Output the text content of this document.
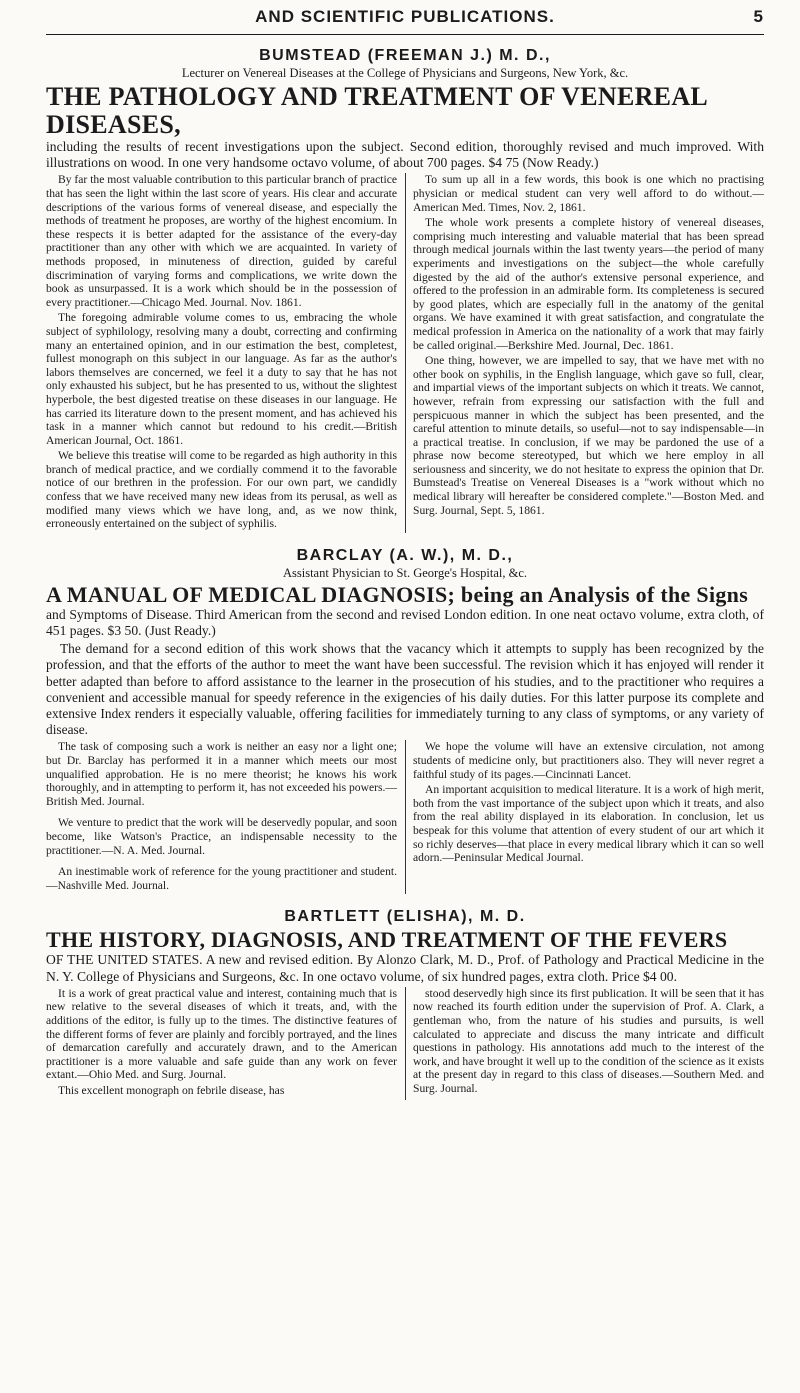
AND SCIENTIFIC PUBLICATIONS.	5
BUMSTEAD (FREEMAN J.) M. D.,
Lecturer on Venereal Diseases at the College of Physicians and Surgeons, New York, &c.
THE PATHOLOGY AND TREATMENT OF VENEREAL DISEASES,
including the results of recent investigations upon the subject. Second edition, thoroughly revised and much improved. With illustrations on wood. In one very handsome octavo volume, of about 700 pages. $4 75 (Now Ready.)

By far the most valuable contribution to this particular branch of practice that has seen the light within the last score of years. His clear and accurate descriptions of the various forms of venereal disease, and especially the methods of treatment he proposes, are worthy of the highest encomium. In these respects it is better adapted for the assistance of the every-day practitioner than any other with which we are acquainted. In variety of methods proposed, in minuteness of direction, guided by careful discrimination of varying forms and complications, we write down the book as unsurpassed. It is a work which should be in the possession of every practitioner.—Chicago Med. Journal. Nov. 1861.

The foregoing admirable volume comes to us, embracing the whole subject of syphilology, resolving many a doubt, correcting and confirming many an entertained opinion, and in our estimation the best, completest, fullest monograph on this subject in our language. As far as the author's labors themselves are concerned, we feel it a duty to say that he has not only exhausted his subject, but he has presented to us, without the slightest hyperbole, the best digested treatise on these diseases in our language. He has carried its literature down to the present moment, and has achieved his task in a manner which cannot but redound to his credit.—British American Journal, Oct. 1861.

We believe this treatise will come to be regarded as high authority in this branch of medical practice, and we cordially commend it to the favorable notice of our brethren in the profession. For our own part, we candidly confess that we have received many new ideas from its perusal, as well as modified many views which we have long, and, as we now think, erroneously entertained on the subject of syphilis.

To sum up all in a few words, this book is one which no practising physician or medical student can very well afford to do without.—American Med. Times, Nov. 2, 1861.

The whole work presents a complete history of venereal diseases, comprising much interesting and valuable material that has been spread through medical journals within the last twenty years—the period of many experiments and investigations on the subject—the whole carefully digested by the aid of the author's extensive personal experience, and offered to the profession in an admirable form. Its completeness is secured by good plates, which are especially full in the anatomy of the genital organs. We have examined it with great satisfaction, and congratulate the medical profession in America on the nationality of a work that may fairly be called original.—Berkshire Med. Journal, Dec. 1861.

One thing, however, we are impelled to say, that we have met with no other book on syphilis, in the English language, which gave so full, clear, and impartial views of the important subjects on which it treats. We cannot, however, refrain from expressing our satisfaction with the full and perspicuous manner in which the subject has been presented, and the careful attention to minute details, so useful—not to say indispensable—in a practical treatise. In conclusion, if we may be pardoned the use of a phrase now become stereotyped, but which we here employ in all seriousness and sincerity, we do not hesitate to express the opinion that Dr. Bumstead's Treatise on Venereal Diseases is a "work without which no medical library will hereafter be considered complete."—Boston Med. and Surg. Journal, Sept. 5, 1861.

BARCLAY (A. W.), M. D.,
Assistant Physician to St. George's Hospital, &c.
A MANUAL OF MEDICAL DIAGNOSIS; being an Analysis of the Signs
and Symptoms of Disease. Third American from the second and revised London edition. In one neat octavo volume, extra cloth, of 451 pages. $3 50. (Just Ready.)
The demand for a second edition of this work shows that the vacancy which it attempts to supply has been recognized by the profession, and that the efforts of the author to meet the want have been successful. The revision which it has enjoyed will render it better adapted than before to afford assistance to the learner in the prosecution of his studies, and to the practitioner who requires a convenient and accessible manual for speedy reference in the exigencies of his daily duties. For this latter purpose its complete and extensive Index renders it especially valuable, offering facilities for immediately turning to any class of symptoms, or any variety of disease.

The task of composing such a work is neither an easy nor a light one; but Dr. Barclay has performed it in a manner which meets our most unqualified approbation. He is no mere theorist; he knows his work thoroughly, and in attempting to perform it, has not exceeded his powers.—British Med. Journal.

We venture to predict that the work will be deservedly popular, and soon become, like Watson's Practice, an indispensable necessity to the practitioner.—N. A. Med. Journal.

An inestimable work of reference for the young practitioner and student.—Nashville Med. Journal.

We hope the volume will have an extensive circulation, not among students of medicine only, but practitioners also. They will never regret a faithful study of its pages.—Cincinnati Lancet.

An important acquisition to medical literature. It is a work of high merit, both from the vast importance of the subject upon which it treats, and also from the real ability displayed in its elaboration. In conclusion, let us bespeak for this volume that attention of every student of our art which it so richly deserves—that place in every medical library which it can so well adorn.—Peninsular Medical Journal.

BARTLETT (ELISHA), M. D.
THE HISTORY, DIAGNOSIS, AND TREATMENT OF THE FEVERS
OF THE UNITED STATES. A new and revised edition. By Alonzo Clark, M. D., Prof. of Pathology and Practical Medicine in the N. Y. College of Physicians and Surgeons, &c. In one octavo volume, of six hundred pages, extra cloth. Price $4 00.

It is a work of great practical value and interest, containing much that is new relative to the several diseases of which it treats, and, with the additions of the editor, is fully up to the times. The distinctive features of the different forms of fever are plainly and forcibly portrayed, and the lines of demarcation carefully and accurately drawn, and to the American practitioner is a more valuable and safe guide than any work on fever extant.—Ohio Med. and Surg. Journal.

This excellent monograph on febrile disease, has

stood deservedly high since its first publication. It will be seen that it has now reached its fourth edition under the supervision of Prof. A. Clark, a gentleman who, from the nature of his studies and pursuits, is well calculated to appreciate and discuss the many intricate and difficult questions in pathology. His annotations add much to the interest of the work, and have brought it well up to the condition of the science as it exists at the present day in regard to this class of diseases.—Southern Med. and Surg. Journal.
